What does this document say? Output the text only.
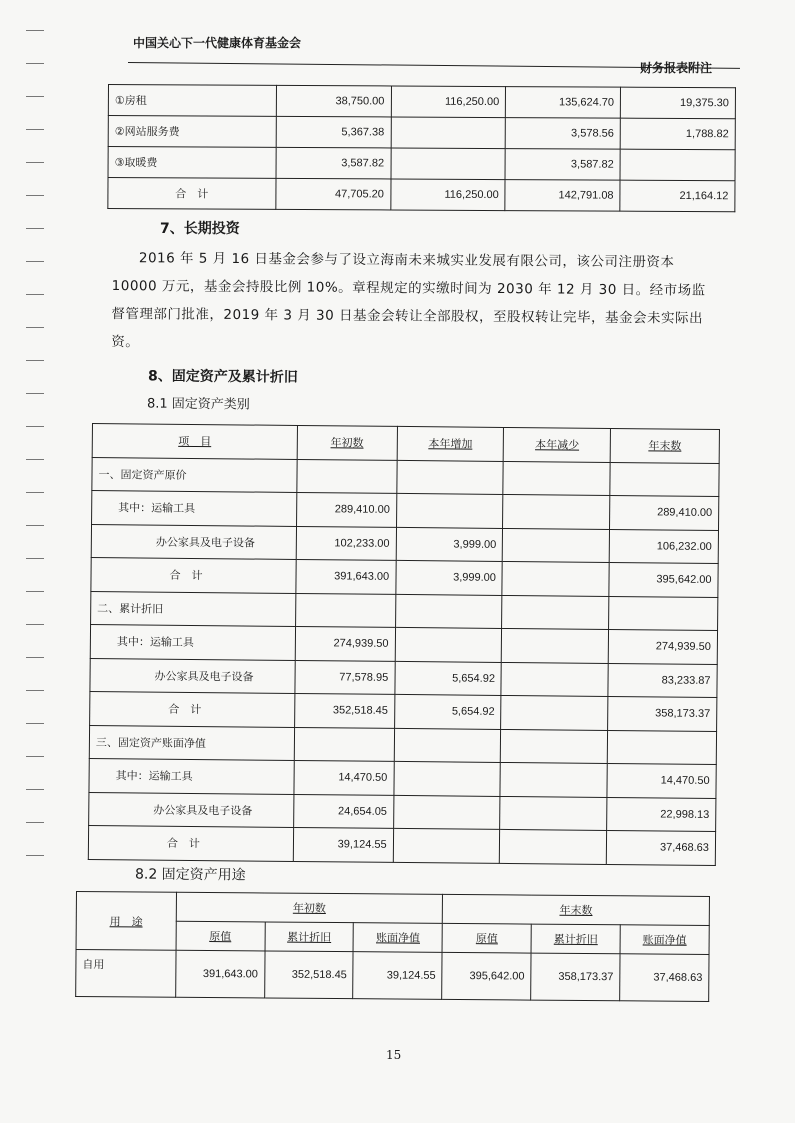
中国关心下一代健康体育基金会
财务报表附注
①房租	38,750.00	116,250.00	135,624.70	19,375.30
②网站服务费	5,367.38		3,578.56	1,788.82
③取暖费	3,587.82		3,587.82	
合　计	47,705.20	116,250.00	142,791.08	21,164.12
7、长期投资
2016 年 5 月 16 日基金会参与了设立海南未来城实业发展有限公司，该公司注册资本 10000 万元，基金会持股比例 10%。章程规定的实缴时间为 2030 年 12 月 30 日。经市场监督管理部门批准，2019 年 3 月 30 日基金会转让全部股权，至股权转让完毕，基金会未实际出资。
8、固定资产及累计折旧
8.1 固定资产类别
项　目	年初数	本年增加	本年减少	年末数
一、固定资产原价				
其中：运输工具	289,410.00			289,410.00
办公家具及电子设备	102,233.00	3,999.00		106,232.00
合　计	391,643.00	3,999.00		395,642.00
二、累计折旧				
其中：运输工具	274,939.50			274,939.50
办公家具及电子设备	77,578.95	5,654.92		83,233.87
合　计	352,518.45	5,654.92		358,173.37
三、固定资产账面净值				
其中：运输工具	14,470.50			14,470.50
办公家具及电子设备	24,654.05			22,998.13
合　计	39,124.55			37,468.63
8.2 固定资产用途
用　途	年初数			年末数		
	原值	累计折旧	账面净值	原值	累计折旧	账面净值
自用	391,643.00	352,518.45	39,124.55	395,642.00	358,173.37	37,468.63
15
